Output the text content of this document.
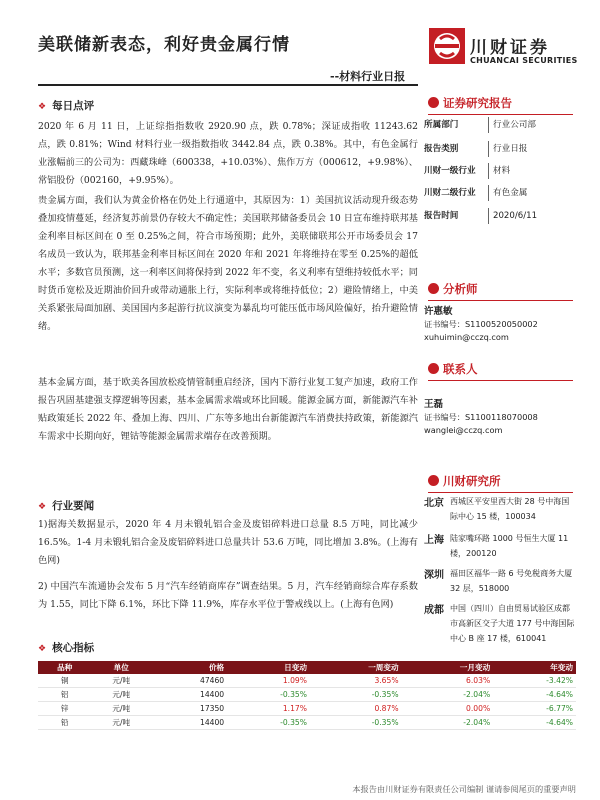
美联储新表态，利好贵金属行情
--材料行业日报
川财证券
CHUANCAI SECURITIES
❖ 每日点评
2020 年 6 月 11 日，上证综指指数收 2920.90 点，跌 0.78%；深证成指收 11243.62 点，跌 0.81%；Wind 材料行业一级指数指收 3442.84 点，跌 0.38%。其中，有色金属行业涨幅前三的公司为：西藏珠峰（600338，+10.03%）、焦作万方（000612，+9.98%）、常铝股份（002160，+9.95%）。
贵金属方面，我们认为黄金价格在仍处上行通道中，其原因为：1）美国抗议活动现升级态势叠加疫情蔓延，经济复苏前景仍存较大不确定性；美国联邦储备委员会 10 日宣布维持联邦基金利率目标区间在 0 至 0.25%之间，符合市场预期；此外，美联储联邦公开市场委员会 17 名成员一致认为，联邦基金利率目标区间在 2020 年和 2021 年将维持在零至 0.25%的超低水平；多数官员预测，这一利率区间将保持到 2022 年不变，名义利率有望维持较低水平；同时货币宽松及近期油价回升或带动通胀上行，实际利率或将维持低位；2）避险情绪上，中美关系紧张局面加剧、美国国内多起游行抗议演变为暴乱均可能压低市场风险偏好，抬升避险情绪。
基本金属方面，基于欧美各国放松疫情管制重启经济，国内下游行业复工复产加速，政府工作报告巩固基建强支撑逻辑等因素，基本金属需求端或环比回暖。能源金属方面，新能源汽车补贴政策延长 2022 年、叠加上海、四川、广东等多地出台新能源汽车消费扶持政策，新能源汽车需求中长期向好，锂钴等能源金属需求端存在改善预期。
❖ 行业要闻
1)据海关数据显示，2020 年 4 月未锻轧铝合金及废铝碎料进口总量 8.5 万吨，同比减少 16.5%。1-4 月未锻轧铝合金及废铝碎料进口总量共计 53.6 万吨，同比增加 3.8%。(上海有色网)
2) 中国汽车流通协会发布 5 月“汽车经销商库存”调查结果。5 月，汽车经销商综合库存系数为 1.55，同比下降 6.1%，环比下降 11.9%，库存水平位于警戒线以上。(上海有色网)
❖ 核心指标
品种	单位	价格	日变动	一周变动	一月变动	年变动
铜	元/吨	47460	1.09%	3.65%	6.03%	-3.42%
铝	元/吨	14400	-0.35%	-0.35%	-2.04%	-4.64%
锌	元/吨	17350	1.17%	0.87%	0.00%	-6.77%
铅	元/吨	14400	-0.35%	-0.35%	-2.04%	-4.64%
证券研究报告
所属部门	行业公司部
报告类别	行业日报
川财一级行业 材料
川财二级行业 有色金属
报告时间	2020/6/11
分析师
许惠敏
证书编号：S1100520050002
xuhuimin@cczq.com
联系人
王磊
证书编号：S1100118070008
wanglei@cczq.com
川财研究所
北京 西城区平安里西大街 28 号中海国际中心 15 楼，100034
上海 陆家嘴环路 1000 号恒生大厦 11 楼，200120
深圳 福田区福华一路 6 号免税商务大厦 32 层，518000
成都 中国（四川）自由贸易试验区成都市高新区交子大道 177 号中海国际中心 B 座 17 楼，610041
本报告由川财证券有限责任公司编制 谨请参阅尾页的重要声明
